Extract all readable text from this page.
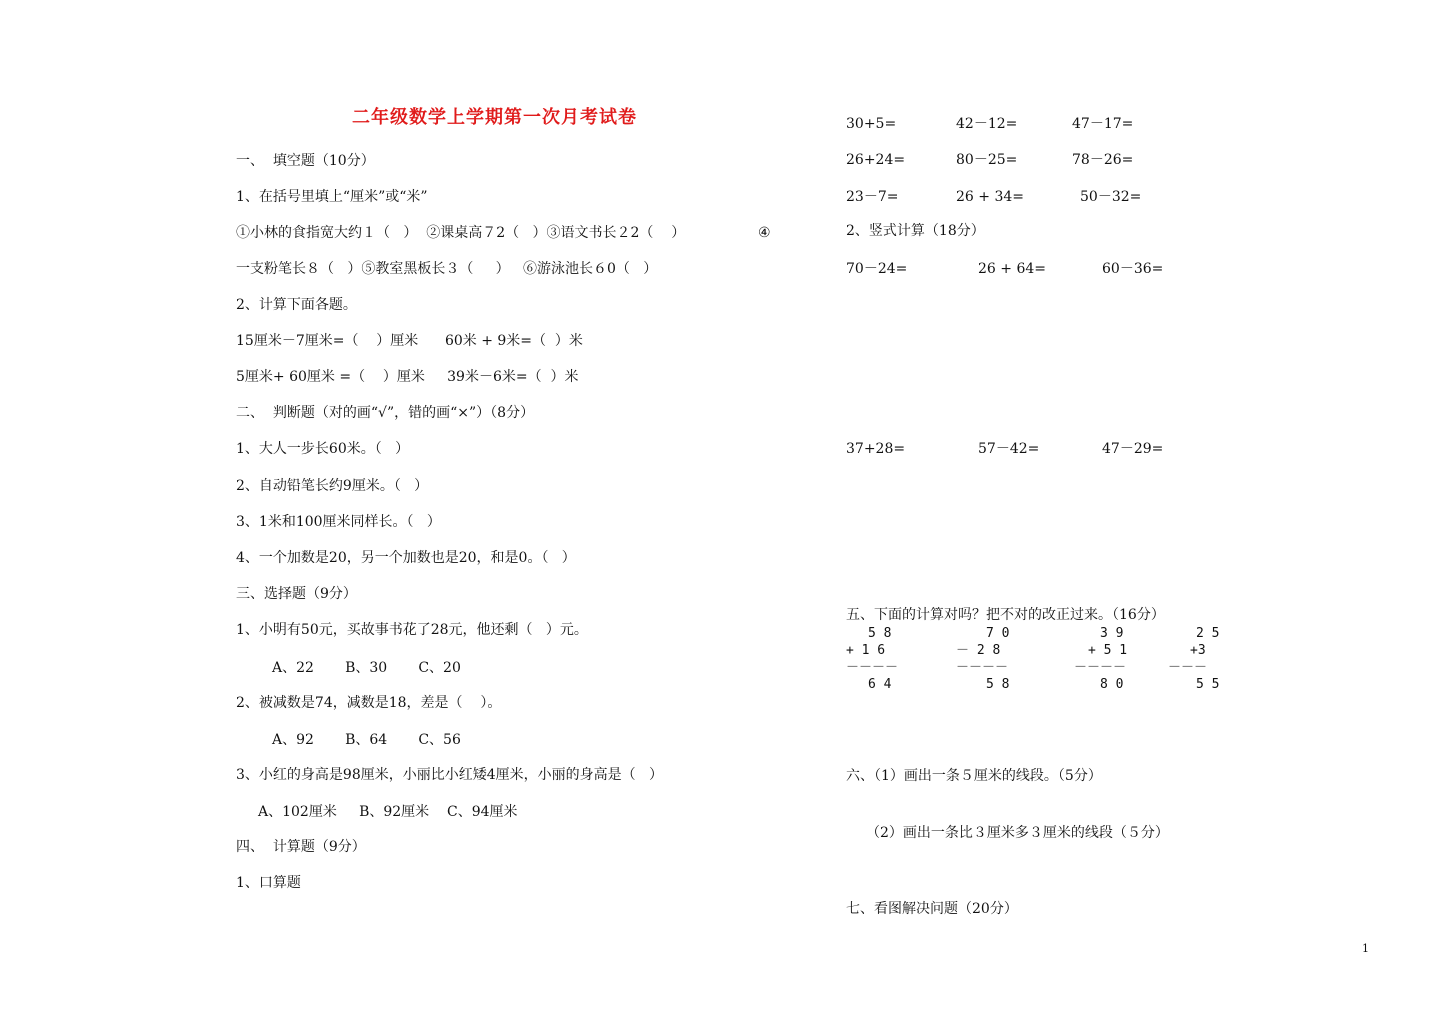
二年级数学上学期第一次月考试卷
一、  填空题（10分）
1、在括号里填上“厘米”或“米”
①小林的食指宽大约１（   ）  ②课桌高７2（   ）③语文书长２2（    ）	④
一支粉笔长８（   ）⑤教室黑板长３（     ）   ⑥游泳池长６0（   ）
2、计算下面各题。
15厘米－7厘米=（    ）厘米      60米 + 9米=（  ）米
5厘米+ 60厘米 =（    ）厘米     39米－6米=（  ）米
二、  判断题（对的画“√”，错的画“×”）（8分）
1、大人一步长60米。（   ）
2、自动铅笔长约9厘米。（   ）
3、1米和100厘米同样长。（   ）
4、一个加数是20，另一个加数也是20，和是0。（   ）
三、选择题（9分）
1、小明有50元，买故事书花了28元，他还剩（   ）元。
A、22       B、30       C、20
2、被减数是74，减数是18，差是（    ）。
A、92       B、64       C、56
3、小红的身高是98厘米，小丽比小红矮4厘米，小丽的身高是（   ）
A、102厘米     B、92厘米    C、94厘米
四、  计算题（9分）
1、口算题
30+5=	42－12=	47－17=
26+24=	80－25=	78－26=
23－7=	26 + 34=	50－32=
2、竖式计算（18分）
70－24=	26 + 64=	60－36=
37+28=	57－42=	47－29=
五、下面的计算对吗？把不对的改正过来。（16分）
5 8
+ 1 6
－－－－
6 4
7 0
－ 2 8
－－－－
5 8
3 9
+ 5 1
－－－－
8 0
2 5
+3
－－－
5 5
六、（1）画出一条５厘米的线段。（5分）
（2）画出一条比３厘米多３厘米的线段（５分）
七、看图解决问题（20分）
1
